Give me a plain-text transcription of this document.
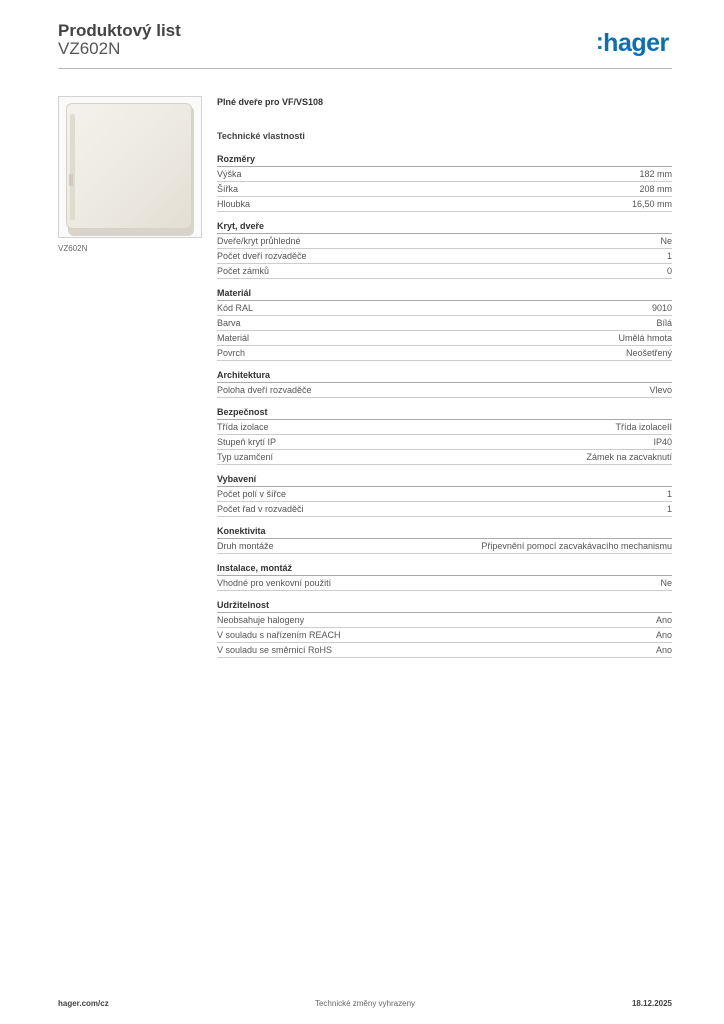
Produktový list
VZ602N	:hager
VZ602N
Plné dveře pro VF/VS108
Technické vlastnosti
Rozměry
Výška	182 mm
Šířka	208 mm
Hloubka	16,50 mm
Kryt, dveře
Dveře/kryt průhledné	Ne
Počet dveří rozvaděče	1
Počet zámků	0
Materiál
Kód RAL	9010
Barva	Bílá
Materiál	Umělá hmota
Povrch	Neošetřený
Architektura
Poloha dveří rozvaděče	Vlevo
Bezpečnost
Třída izolace	Třída izolaceII
Stupeň krytí IP	IP40
Typ uzamčení	Zámek na zacvaknutí
Vybavení
Počet polí v šířce	1
Počet řad v rozvaděči	1
Konektivita
Druh montáže	Připevnění pomocí zacvakávacího mechanismu
Instalace, montáž
Vhodné pro venkovní použití	Ne
Udržitelnost
Neobsahuje halogeny	Ano
V souladu s nařízením REACH	Ano
V souladu se směrnicí RoHS	Ano
hager.com/cz	Technické změny vyhrazeny	18.12.2025
